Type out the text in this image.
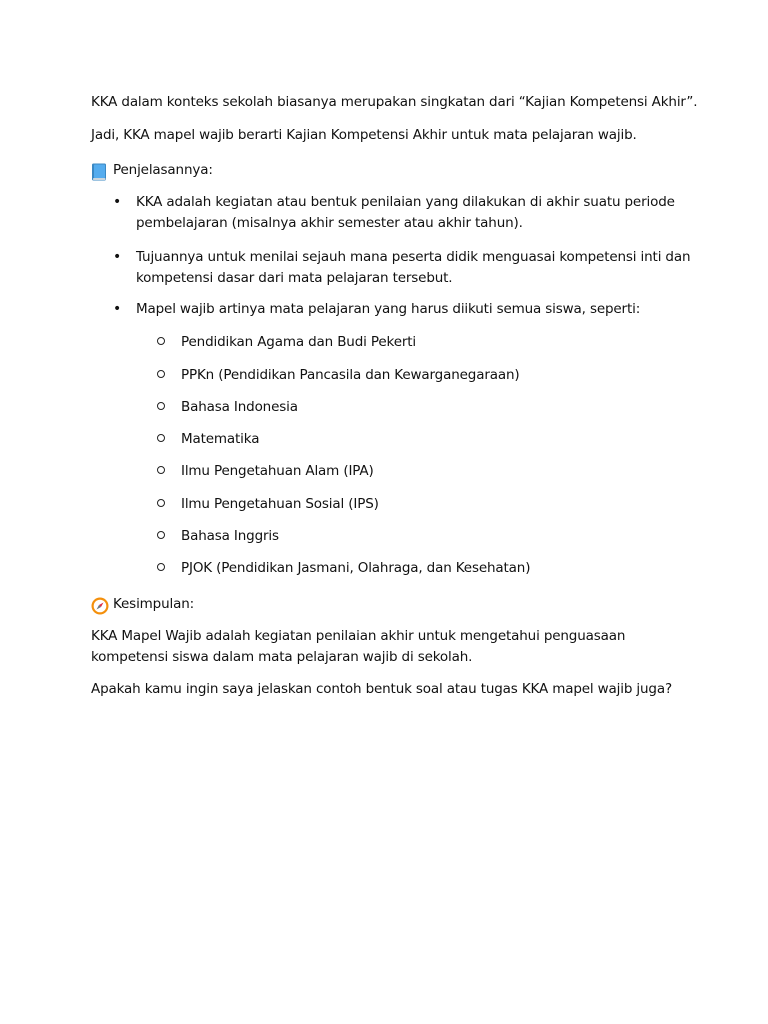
KKA dalam konteks sekolah biasanya merupakan singkatan dari “Kajian Kompetensi Akhir”.
Jadi, KKA mapel wajib berarti Kajian Kompetensi Akhir untuk mata pelajaran wajib.
Penjelasannya:
•	KKA adalah kegiatan atau bentuk penilaian yang dilakukan di akhir suatu periode pembelajaran (misalnya akhir semester atau akhir tahun).
•	Tujuannya untuk menilai sejauh mana peserta didik menguasai kompetensi inti dan kompetensi dasar dari mata pelajaran tersebut.
•	Mapel wajib artinya mata pelajaran yang harus diikuti semua siswa, seperti:
Pendidikan Agama dan Budi Pekerti
PPKn (Pendidikan Pancasila dan Kewarganegaraan)
Bahasa Indonesia
Matematika
Ilmu Pengetahuan Alam (IPA)
Ilmu Pengetahuan Sosial (IPS)
Bahasa Inggris
PJOK (Pendidikan Jasmani, Olahraga, dan Kesehatan)
Kesimpulan:
KKA Mapel Wajib adalah kegiatan penilaian akhir untuk mengetahui penguasaan kompetensi siswa dalam mata pelajaran wajib di sekolah.
Apakah kamu ingin saya jelaskan contoh bentuk soal atau tugas KKA mapel wajib juga?
